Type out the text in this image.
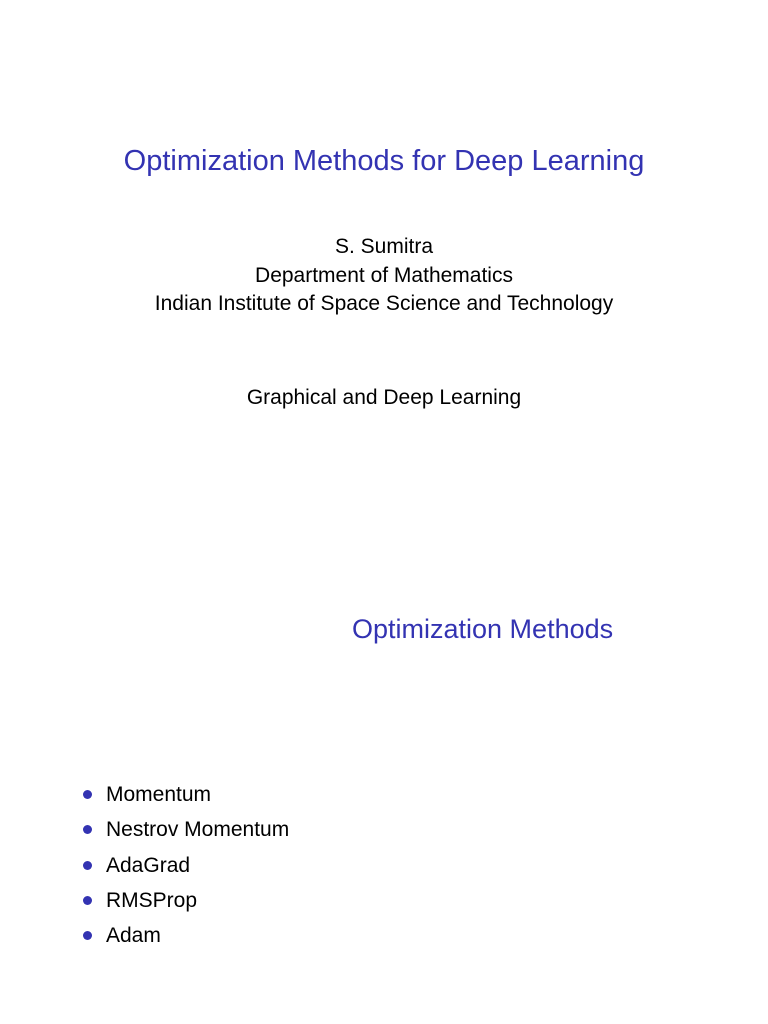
Optimization Methods for Deep Learning
S. Sumitra
Department of Mathematics
Indian Institute of Space Science and Technology
Graphical and Deep Learning
Optimization Methods
Momentum
Nestrov Momentum
AdaGrad
RMSProp
Adam
